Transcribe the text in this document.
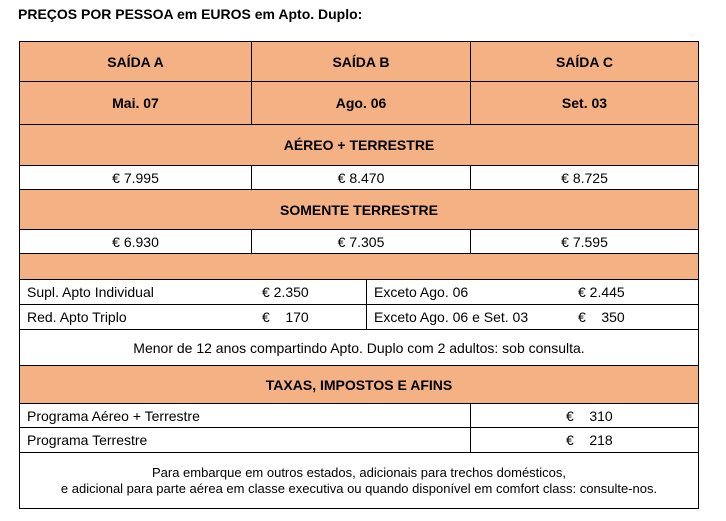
PREÇOS POR PESSOA em EUROS em Apto. Duplo:
SAÍDA A	SAÍDA B	SAÍDA C
Mai. 07	Ago. 06	Set. 03
AÉREO + TERRESTRE
€ 7.995	€ 8.470	€ 8.725
SOMENTE TERRESTRE
€ 6.930	€ 7.305	€ 7.595
Supl. Apto Individual	€ 2.350	Exceto Ago. 06	€ 2.445
Red. Apto Triplo	€    170	Exceto Ago. 06 e Set. 03	€    350
Menor de 12 anos compartindo Apto. Duplo com 2 adultos: sob consulta.
TAXAS, IMPOSTOS E AFINS
Programa Aéreo + Terrestre	€    310
Programa Terrestre	€    218
Para embarque em outros estados, adicionais para trechos domésticos,
e adicional para parte aérea em classe executiva ou quando disponível em comfort class: consulte-nos.
